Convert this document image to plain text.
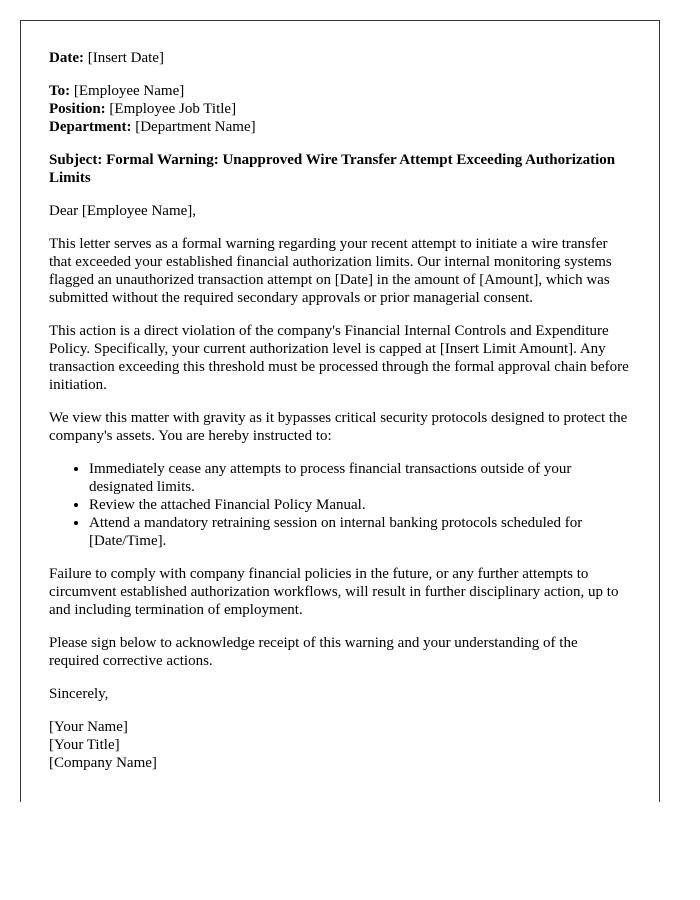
Date: [Insert Date]

To: [Employee Name]
Position: [Employee Job Title]
Department: [Department Name]

Subject: Formal Warning: Unapproved Wire Transfer Attempt Exceeding Authorization Limits

Dear [Employee Name],

This letter serves as a formal warning regarding your recent attempt to initiate a wire transfer that exceeded your established financial authorization limits. Our internal monitoring systems flagged an unauthorized transaction attempt on [Date] in the amount of [Amount], which was submitted without the required secondary approvals or prior managerial consent.

This action is a direct violation of the company's Financial Internal Controls and Expenditure Policy. Specifically, your current authorization level is capped at [Insert Limit Amount]. Any transaction exceeding this threshold must be processed through the formal approval chain before initiation.

We view this matter with gravity as it bypasses critical security protocols designed to protect the company's assets. You are hereby instructed to:

• Immediately cease any attempts to process financial transactions outside of your designated limits.
• Review the attached Financial Policy Manual.
• Attend a mandatory retraining session on internal banking protocols scheduled for [Date/Time].

Failure to comply with company financial policies in the future, or any further attempts to circumvent established authorization workflows, will result in further disciplinary action, up to and including termination of employment.

Please sign below to acknowledge receipt of this warning and your understanding of the required corrective actions.

Sincerely,

[Your Name]
[Your Title]
[Company Name]
